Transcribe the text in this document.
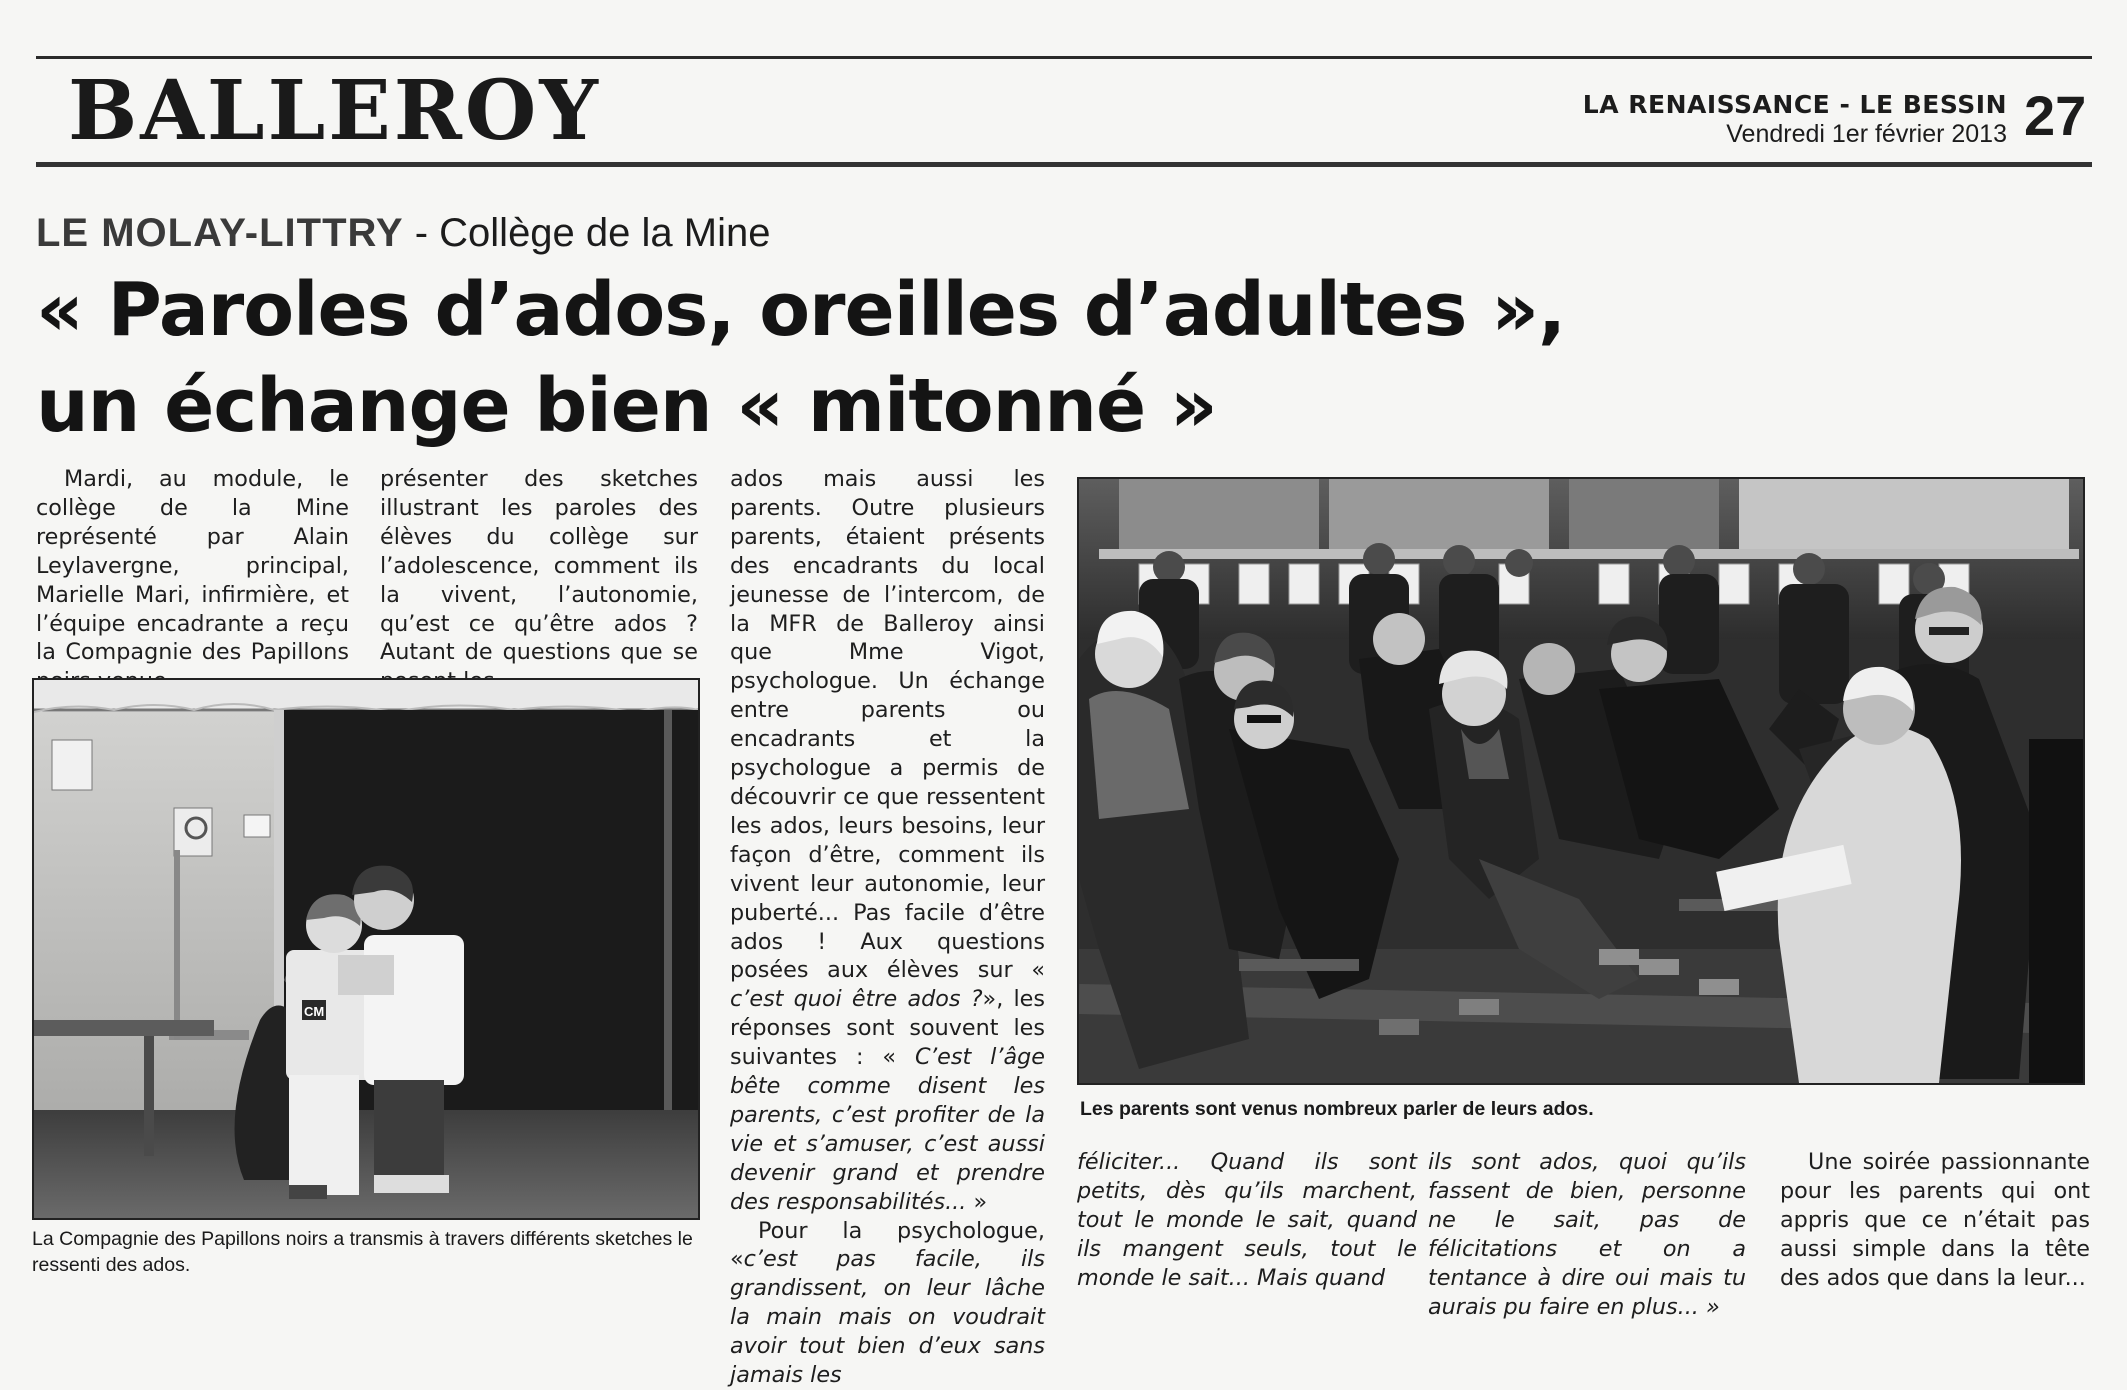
BALLEROY	LA RENAISSANCE - LE BESSIN
Vendredi 1er février 2013 27
LE MOLAY-LITTRY - Collège de la Mine
« Paroles d’ados, oreilles d’adultes »,
un échange bien « mitonné »

Mardi, au module, le collège de la Mine représenté par Alain Leylavergne, principal, Marielle Mari, infirmière, et l’équipe encadrante a reçu la Compagnie des Papillons

présenter des sketches illustrant les paroles des élèves du collège sur l’adolescence, comment ils la vivent, l’autonomie, qu’est ce qu’être ados ? Autant de questions que se

ados mais aussi les parents. Outre plusieurs parents, étaient présents des encadrants du local jeunesse de l’intercom, de la MFR de Balleroy ainsi que Mme Vigot, psychologue. Un échange entre parents ou encadrants et la psychologue a permis de découvrir ce que ressentent les ados, leurs besoins, leur façon d’être, comment ils vivent leur autonomie, leur puberté... Pas facile d’être ados ! Aux questions posées aux élèves sur « c’est quoi être ados ?», les réponses sont souvent les suivantes : « C’est l’âge bête comme disent les parents, c’est profiter de la vie et s’amuser, c’est aussi devenir grand et prendre des responsabilités... »

Pour la psychologue, «c’est pas facile, ils grandissent, on leur lâche la main mais on voudrait avoir tout bien d’eux sans jamais les

féliciter... Quand ils sont petits, dès qu’ils marchent, tout le monde le sait, quand ils mangent seuls, tout le monde le sait... Mais quand

ils sont ados, quoi qu’ils fassent de bien, personne ne le sait, pas de félicitations et on a tentance à dire oui mais tu aurais pu faire en plus... »

Une soirée passionnante pour les parents qui ont appris que ce n’était pas aussi simple dans la tête des ados que dans la leur...

CM
La Compagnie des Papillons noirs a transmis à travers différents sketches le ressenti des ados.
Les parents sont venus nombreux parler de leurs ados.
